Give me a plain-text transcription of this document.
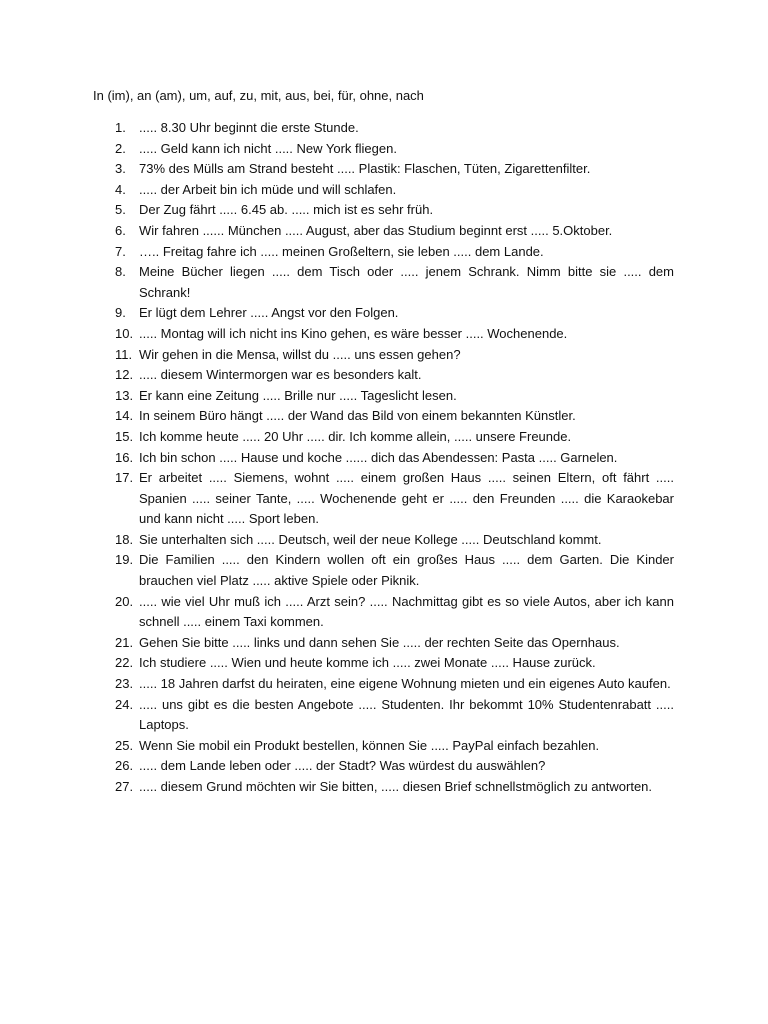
In (im), an (am), um, auf, zu, mit, aus, bei, für, ohne, nach
1. ..... 8.30 Uhr beginnt die erste Stunde.
2. ..... Geld kann ich nicht ..... New York fliegen.
3. 73% des Mülls am Strand besteht ..... Plastik: Flaschen, Tüten, Zigarettenfilter.
4. ..... der Arbeit bin ich müde und will schlafen.
5. Der Zug fährt ..... 6.45 ab. ..... mich ist es sehr früh.
6. Wir fahren ...... München ..... August, aber das Studium beginnt erst ..... 5.Oktober.
7. ….. Freitag fahre ich ..... meinen Großeltern, sie leben ..... dem Lande.
8. Meine Bücher liegen ..... dem Tisch oder ..... jenem Schrank. Nimm bitte sie ..... dem Schrank!
9. Er lügt dem Lehrer ..... Angst vor den Folgen.
10. ..... Montag will ich nicht ins Kino gehen, es wäre besser ..... Wochenende.
11. Wir gehen in die Mensa, willst du ..... uns essen gehen?
12. ..... diesem Wintermorgen war es besonders kalt.
13. Er kann eine Zeitung ..... Brille nur ..... Tageslicht lesen.
14. In seinem Büro hängt ..... der Wand das Bild von einem bekannten Künstler.
15. Ich komme heute ..... 20 Uhr ..... dir. Ich komme allein, ..... unsere Freunde.
16. Ich bin schon ..... Hause und koche ...... dich das Abendessen: Pasta ..... Garnelen.
17. Er arbeitet ..... Siemens, wohnt ..... einem großen Haus ..... seinen Eltern, oft fährt ..... Spanien ..... seiner Tante, ..... Wochenende geht er ..... den Freunden ..... die Karaokebar und kann nicht ..... Sport leben.
18. Sie unterhalten sich ..... Deutsch, weil der neue Kollege ..... Deutschland kommt.
19. Die Familien ..... den Kindern wollen oft ein großes Haus ..... dem Garten. Die Kinder brauchen viel Platz ..... aktive Spiele oder Piknik.
20. ..... wie viel Uhr muß ich ..... Arzt sein? ..... Nachmittag gibt es so viele Autos, aber ich kann schnell ..... einem Taxi kommen.
21. Gehen Sie bitte ..... links und dann sehen Sie ..... der rechten Seite das Opernhaus.
22. Ich studiere ..... Wien und heute komme ich ..... zwei Monate ..... Hause zurück.
23. ..... 18 Jahren darfst du heiraten, eine eigene Wohnung mieten und ein eigenes Auto kaufen.
24. ..... uns gibt es die besten Angebote ..... Studenten. Ihr bekommt 10% Studentenrabatt ..... Laptops.
25. Wenn Sie mobil ein Produkt bestellen, können Sie ..... PayPal einfach bezahlen.
26. ..... dem Lande leben oder ..... der Stadt? Was würdest du auswählen?
27. ..... diesem Grund möchten wir Sie bitten, ..... diesen Brief schnellstmöglich zu antworten.
